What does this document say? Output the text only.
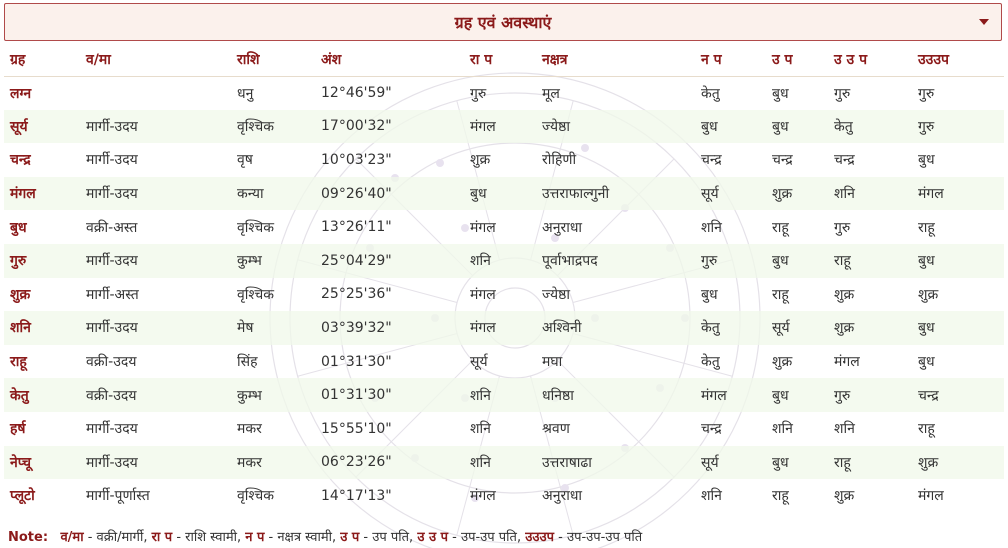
ग्रह एवं अवस्थाएं
ग्रह	व/मा	राशि	अंश	रा प	नक्षत्र	न प	उ प	उ उ प	उउउप
लग्न		धनु	12°46'59"	गुरु	मूल	केतु	बुध	गुरु	गुरु
सूर्य	मार्गी-उदय	वृश्चिक	17°00'32"	मंगल	ज्येष्ठा	बुध	बुध	केतु	गुरु
चन्द्र	मार्गी-उदय	वृष	10°03'23"	शुक्र	रोहिणी	चन्द्र	चन्द्र	चन्द्र	बुध
मंगल	मार्गी-उदय	कन्या	09°26'40"	बुध	उत्तराफाल्गुनी	सूर्य	शुक्र	शनि	मंगल
बुध	वक्री-अस्त	वृश्चिक	13°26'11"	मंगल	अनुराधा	शनि	राहू	गुरु	राहू
गुरु	मार्गी-उदय	कुम्भ	25°04'29"	शनि	पूर्वाभाद्रपद	गुरु	बुध	राहू	बुध
शुक्र	मार्गी-अस्त	वृश्चिक	25°25'36"	मंगल	ज्येष्ठा	बुध	राहू	शुक्र	शुक्र
शनि	मार्गी-उदय	मेष	03°39'32"	मंगल	अश्विनी	केतु	सूर्य	शुक्र	बुध
राहू	वक्री-उदय	सिंह	01°31'30"	सूर्य	मघा	केतु	शुक्र	मंगल	बुध
केतु	वक्री-उदय	कुम्भ	01°31'30"	शनि	धनिष्ठा	मंगल	बुध	गुरु	चन्द्र
हर्ष	मार्गी-उदय	मकर	15°55'10"	शनि	श्रवण	चन्द्र	शनि	शनि	राहू
नेप्चू	मार्गी-उदय	मकर	06°23'26"	शनि	उत्तराषाढा	सूर्य	बुध	राहू	शुक्र
प्लूटो	मार्गी-पूर्णास्त	वृश्चिक	14°17'13"	मंगल	अनुराधा	शनि	राहू	शुक्र	मंगल
Note: व/मा - वक्री/मार्गी, रा प - राशि स्वामी, न प - नक्षत्र स्वामी, उ प - उप पति, उ उ प - उप-उप पति, उउउप - उप-उप-उप पति
